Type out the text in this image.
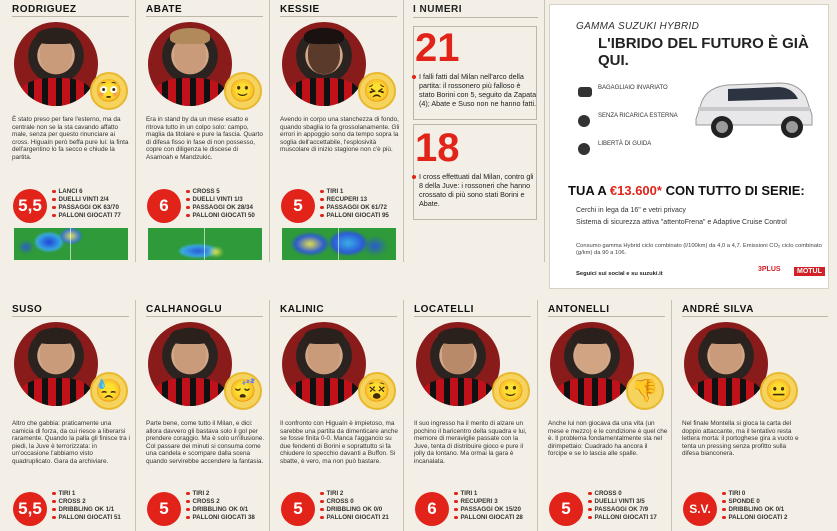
RODRIGUEZ
😳
È stato preso per fare l'esterno, ma da centrale non se la sta cavando affatto male, senza per questo rinunciare ai cross. Higuaín però beffa pure lui: la finta dell'argentino lo fa secco e chiude la partita.
5,5
LANCI 6
DUELLI VINTI 2/4
PASSAGGI OK 63/70
PALLONI GIOCATI 77
ABATE
🙂
Era in stand by da un mese esatto e ritrova tutto in un colpo solo: campo, maglia da titolare e pure la fascia. Quarto di difesa fisso in fase di non possesso, copre con diligenza le discese di Asamoah e Mandzukic.
6
CROSS 5
DUELLI VINTI 1/3
PASSAGGI OK 28/34
PALLONI GIOCATI 50
KESSIE
😣
Avendo in corpo una stanchezza di fondo, quando sbaglia lo fa grossolanamente. Gli errori in appoggio sono da tempo sopra la soglia dell'accettabile, l'esplosività muscolare di inizio stagione non c'è più.
5
TIRI 1
RECUPERI 13
PASSAGGI OK 61/72
PALLONI GIOCATI 95
I NUMERI
21
I falli fatti dal Milan nell'arco della partita: il rossonero più falloso è stato Borini con 5, seguito da Zapata (4); Abate e Suso non ne hanno fatti.
18
I cross effettuati dal Milan, contro gli 8 della Juve: i rossoneri che hanno crossato di più sono stati Borini e Abate.
GAMMA SUZUKI HYBRID
L'IBRIDO DEL FUTURO È GIÀ QUI.
BAGAGLIAIO INVARIATO
SENZA RICARICA ESTERNA
LIBERTÀ DI GUIDA
TUA A €13.600* CON TUTTO DI SERIE:
Cerchi in lega da 16" e vetri privacy
Sistema di sicurezza attiva "attentoFrena" e Adaptive Cruise Control
Consumo gamma Hybrid ciclo combinato (l/100km) da 4,0 a 4,7. Emissioni CO₂ ciclo combinato (g/km) da 90 a 106.
Seguici sui social e su suzuki.it
3PLUS	MOTUL
SUSO	CALHANOGLU	KALINIC	LOCATELLI	ANTONELLI	ANDRÉ SILVA
😓
Altro che gabbia: praticamente una camicia di forza, da cui riesce a liberarsi raramente. Quando la palla gli finisce tra i piedi, la Juve è terrorizzata: in un'occasione l'abbiamo visto quadruplicato. Gara da archiviare.
5,5
TIRI 1
CROSS 2
DRIBBLING OK 1/1
PALLONI GIOCATI 51
😴
Parte bene, come tutto il Milan, e dici: allora davvero gli bastava solo il gol per prendere coraggio. Ma è solo un'illusione. Col passare dei minuti si consuma come una candela e scompare dalla scena quando servirebbe accendere la fantasia.
5
TIRI 2
CROSS 2
DRIBBLING OK 0/1
PALLONI GIOCATI 38
😵
Il confronto con Higuaín è impietoso, ma sarebbe una partita da dimenticare anche se fosse finita 0-0. Manca l'aggancio su due fendenti di Borini e soprattutto si fa chiudere lo specchio davanti a Buffon. Si sbatte, è vero, ma non può bastare.
5
TIRI 2
CROSS 0
DRIBBLING OK 0/0
PALLONI GIOCATI 21
🙂
Il suo ingresso ha il merito di alzare un pochino il baricentro della squadra e lui, memore di meraviglie passate con la Juve, tenta di distribuire gioco e pure il jolly da lontano. Ma ormai la gara è incanalata.
6
TIRI 1
RECUPERI 3
PASSAGGI OK 15/20
PALLONI GIOCATI 28
👎
Anche lui non giocava da una vita (un mese e mezzo) e le condizione è quel che è. Il problema fondamentalmente sta nel dirimpettaio: Cuadrado ha ancora il forcipe e se lo lascia alle spalle.
5
CROSS 0
DUELLI VINTI 3/5
PASSAGGI OK 7/9
PALLONI GIOCATI 17
😐
Nel finale Montella si gioca la carta del doppio attaccante, ma il tentativo resta lettera morta: il portoghese gira a vuoto e tenta un pressing senza profitto sulla difesa bianconera.
S.V.
TIRI 0
SPONDE 0
DRIBBLING OK 0/1
PALLONI GIOCATI 2
